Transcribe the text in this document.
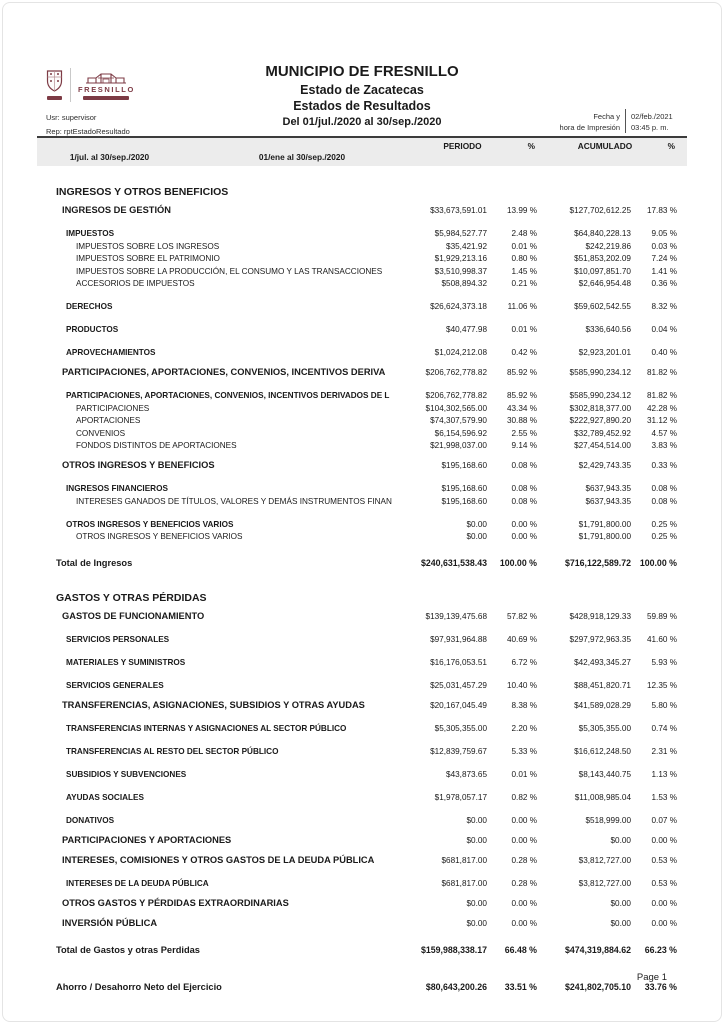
FRESNILLO
MUNICIPIO DE FRESNILLO
Estado de Zacatecas
Estados de Resultados
Del 01/jul./2020 al 30/sep./2020
Usr: supervisor
Rep: rptEstadoResultado
Fecha y
hora de Impresión
02/feb./2021
03:45 p. m.
PERIODO	%	ACUMULADO	%
1/jul. al 30/sep./2020	01/ene al 30/sep./2020
INGRESOS Y OTROS BENEFICIOS
INGRESOS DE GESTIÓN	$33,673,591.01	13.99 %	$127,702,612.25	17.83 %
IMPUESTOS	$5,984,527.77	2.48 %	$64,840,228.13	9.05 %
IMPUESTOS SOBRE LOS INGRESOS	$35,421.92	0.01 %	$242,219.86	0.03 %
IMPUESTOS SOBRE EL PATRIMONIO	$1,929,213.16	0.80 %	$51,853,202.09	7.24 %
IMPUESTOS SOBRE LA PRODUCCIÓN, EL CONSUMO Y LAS TRANSACCIONES	$3,510,998.37	1.45 %	$10,097,851.70	1.41 %
ACCESORIOS DE IMPUESTOS	$508,894.32	0.21 %	$2,646,954.48	0.36 %
DERECHOS	$26,624,373.18	11.06 %	$59,602,542.55	8.32 %
PRODUCTOS	$40,477.98	0.01 %	$336,640.56	0.04 %
APROVECHAMIENTOS	$1,024,212.08	0.42 %	$2,923,201.01	0.40 %
PARTICIPACIONES, APORTACIONES, CONVENIOS, INCENTIVOS DERIVA	$206,762,778.82	85.92 %	$585,990,234.12	81.82 %
PARTICIPACIONES, APORTACIONES, CONVENIOS, INCENTIVOS DERIVADOS DE L	$206,762,778.82	85.92 %	$585,990,234.12	81.82 %
PARTICIPACIONES	$104,302,565.00	43.34 %	$302,818,377.00	42.28 %
APORTACIONES	$74,307,579.90	30.88 %	$222,927,890.20	31.12 %
CONVENIOS	$6,154,596.92	2.55 %	$32,789,452.92	4.57 %
FONDOS DISTINTOS DE APORTACIONES	$21,998,037.00	9.14 %	$27,454,514.00	3.83 %
OTROS INGRESOS Y BENEFICIOS	$195,168.60	0.08 %	$2,429,743.35	0.33 %
INGRESOS FINANCIEROS	$195,168.60	0.08 %	$637,943.35	0.08 %
INTERESES GANADOS DE TÍTULOS, VALORES Y DEMÁS INSTRUMENTOS FINAN	$195,168.60	0.08 %	$637,943.35	0.08 %
OTROS INGRESOS Y BENEFICIOS VARIOS	$0.00	0.00 %	$1,791,800.00	0.25 %
OTROS INGRESOS Y BENEFICIOS VARIOS	$0.00	0.00 %	$1,791,800.00	0.25 %
Total de Ingresos	$240,631,538.43	100.00 %	$716,122,589.72	100.00 %
GASTOS Y OTRAS PÉRDIDAS
GASTOS DE FUNCIONAMIENTO	$139,139,475.68	57.82 %	$428,918,129.33	59.89 %
SERVICIOS PERSONALES	$97,931,964.88	40.69 %	$297,972,963.35	41.60 %
MATERIALES Y SUMINISTROS	$16,176,053.51	6.72 %	$42,493,345.27	5.93 %
SERVICIOS GENERALES	$25,031,457.29	10.40 %	$88,451,820.71	12.35 %
TRANSFERENCIAS, ASIGNACIONES, SUBSIDIOS Y OTRAS AYUDAS	$20,167,045.49	8.38 %	$41,589,028.29	5.80 %
TRANSFERENCIAS INTERNAS Y ASIGNACIONES AL SECTOR PÚBLICO	$5,305,355.00	2.20 %	$5,305,355.00	0.74 %
TRANSFERENCIAS AL RESTO DEL SECTOR PÚBLICO	$12,839,759.67	5.33 %	$16,612,248.50	2.31 %
SUBSIDIOS Y SUBVENCIONES	$43,873.65	0.01 %	$8,143,440.75	1.13 %
AYUDAS SOCIALES	$1,978,057.17	0.82 %	$11,008,985.04	1.53 %
DONATIVOS	$0.00	0.00 %	$518,999.00	0.07 %
PARTICIPACIONES Y APORTACIONES	$0.00	0.00 %	$0.00	0.00 %
INTERESES, COMISIONES Y OTROS GASTOS DE LA DEUDA PÚBLICA	$681,817.00	0.28 %	$3,812,727.00	0.53 %
INTERESES DE LA DEUDA PÚBLICA	$681,817.00	0.28 %	$3,812,727.00	0.53 %
OTROS GASTOS Y PÉRDIDAS EXTRAORDINARIAS	$0.00	0.00 %	$0.00	0.00 %
INVERSIÓN PÚBLICA	$0.00	0.00 %	$0.00	0.00 %
Total de Gastos y otras Perdidas	$159,988,338.17	66.48 %	$474,319,884.62	66.23 %
Ahorro / Desahorro Neto del Ejercicio	$80,643,200.26	33.51 %	$241,802,705.10	33.76 %
Page 1
